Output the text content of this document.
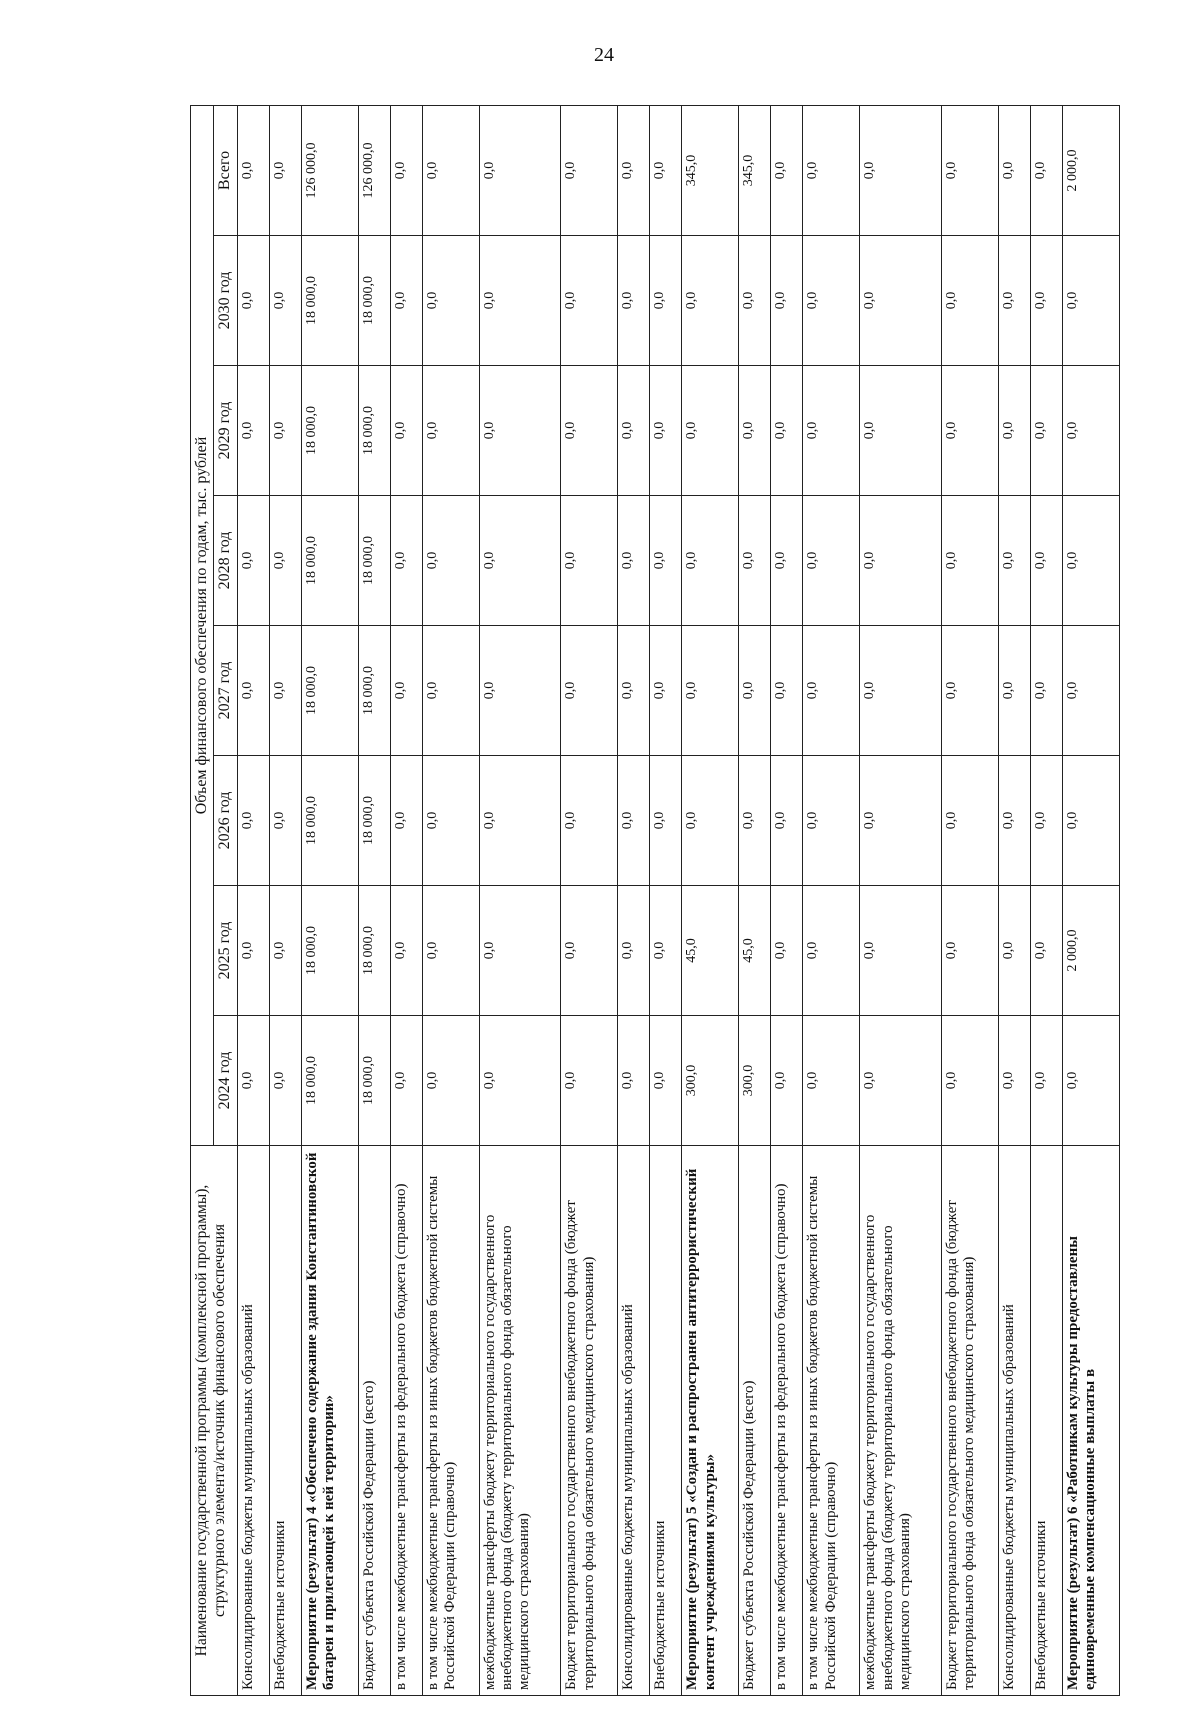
24
Наименование государственной программы (комплексной программы), структурного элемента/источник финансового обеспечения	Объем финансового обеспечения по годам, тыс. рублей							
	2024 год	2025 год	2026 год	2027 год	2028 год	2029 год	2030 год	Всего
Консолидированные бюджеты муниципальных образований	0,0	0,0	0,0	0,0	0,0	0,0	0,0	0,0
Внебюджетные источники	0,0	0,0	0,0	0,0	0,0	0,0	0,0	0,0
Мероприятие (результат) 4 «Обеспечено содержание здания Константиновской батареи и прилегающей к ней территории»	18 000,0	18 000,0	18 000,0	18 000,0	18 000,0	18 000,0	18 000,0	126 000,0
Бюджет субъекта Российской Федерации (всего)	18 000,0	18 000,0	18 000,0	18 000,0	18 000,0	18 000,0	18 000,0	126 000,0
в том числе межбюджетные трансферты из федерального бюджета (справочно)	0,0	0,0	0,0	0,0	0,0	0,0	0,0	0,0
в том числе межбюджетные трансферты из иных бюджетов бюджетной системы Российской Федерации (справочно)	0,0	0,0	0,0	0,0	0,0	0,0	0,0	0,0
межбюджетные трансферты бюджету территориального государственного внебюджетного фонда (бюджету территориального фонда обязательного медицинского страхования)	0,0	0,0	0,0	0,0	0,0	0,0	0,0	0,0
Бюджет территориального государственного внебюджетного фонда (бюджет территориального фонда обязательного медицинского страхования)	0,0	0,0	0,0	0,0	0,0	0,0	0,0	0,0
Консолидированные бюджеты муниципальных образований	0,0	0,0	0,0	0,0	0,0	0,0	0,0	0,0
Внебюджетные источники	0,0	0,0	0,0	0,0	0,0	0,0	0,0	0,0
Мероприятие (результат) 5 «Создан и распространен антитеррористический контент учреждениями культуры»	300,0	45,0	0,0	0,0	0,0	0,0	0,0	345,0
Бюджет субъекта Российской Федерации (всего)	300,0	45,0	0,0	0,0	0,0	0,0	0,0	345,0
в том числе межбюджетные трансферты из федерального бюджета (справочно)	0,0	0,0	0,0	0,0	0,0	0,0	0,0	0,0
в том числе межбюджетные трансферты из иных бюджетов бюджетной системы Российской Федерации (справочно)	0,0	0,0	0,0	0,0	0,0	0,0	0,0	0,0
межбюджетные трансферты бюджету территориального государственного внебюджетного фонда (бюджету территориального фонда обязательного медицинского страхования)	0,0	0,0	0,0	0,0	0,0	0,0	0,0	0,0
Бюджет территориального государственного внебюджетного фонда (бюджет территориального фонда обязательного медицинского страхования)	0,0	0,0	0,0	0,0	0,0	0,0	0,0	0,0
Консолидированные бюджеты муниципальных образований	0,0	0,0	0,0	0,0	0,0	0,0	0,0	0,0
Внебюджетные источники	0,0	0,0	0,0	0,0	0,0	0,0	0,0	0,0
Мероприятие (результат) 6 «Работникам культуры предоставлены единовременные компенсационные выплаты в	0,0	2 000,0	0,0	0,0	0,0	0,0	0,0	2 000,0
